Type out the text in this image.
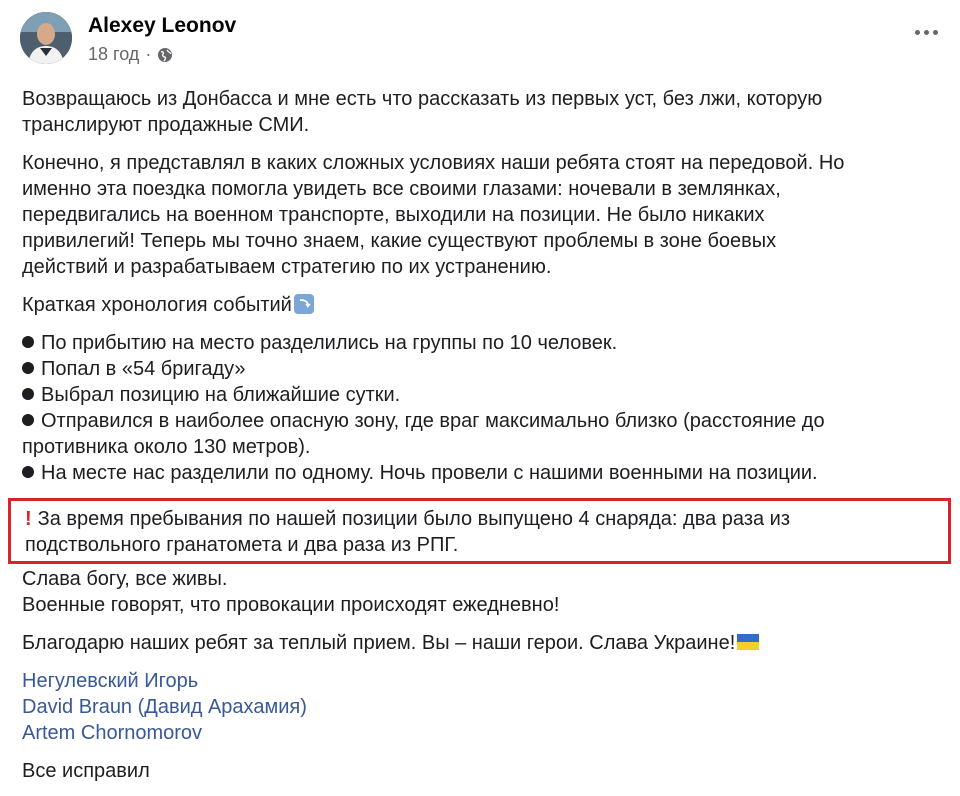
Alexey Leonov
18 год ·
Возвращаюсь из Донбасса и мне есть что рассказать из первых уст, без лжи, которую
транслируют продажные СМИ.
Конечно, я представлял в каких сложных условиях наши ребята стоят на передовой. Но
именно эта поездка помогла увидеть все своими глазами: ночевали в землянках,
передвигались на военном транспорте, выходили на позиции. Не было никаких
привилегий! Теперь мы точно знаем, какие существуют проблемы в зоне боевых
действий и разрабатываем стратегию по их устранению.
Краткая хронология событий
По прибытию на место разделились на группы по 10 человек.
Попал в «54 бригаду»
Выбрал позицию на ближайшие сутки.
Отправился в наиболее опасную зону, где враг максимально близко (расстояние до
противника около 130 метров).
На месте нас разделили по одному. Ночь провели с нашими военными на позиции.
! За время пребывания по нашей позиции было выпущено 4 снаряда: два раза из
подствольного гранатомета и два раза из РПГ.
Слава богу, все живы.
Военные говорят, что провокации происходят ежедневно!
Благодарю наших ребят за теплый прием. Вы – наши герои. Слава Украине!
Негулевский Игорь
David Braun (Давид Арахамия)
Artem Chornomorov
Все исправил
